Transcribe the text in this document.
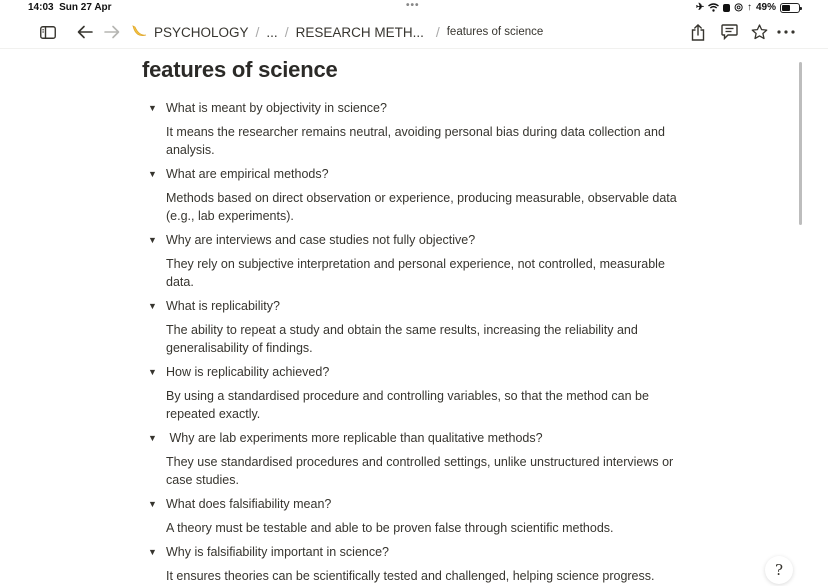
14:03 Sun 27 Apr	•••	✈	◎ ↑ 49%
PSYCHOLOGY / ... / RESEARCH METH... / features of science
features of science
▼ What is meant by objectivity in science?
It means the researcher remains neutral, avoiding personal bias during data collection and analysis.
▼ What are empirical methods?
Methods based on direct observation or experience, producing measurable, observable data (e.g., lab experiments).
▼ Why are interviews and case studies not fully objective?
They rely on subjective interpretation and personal experience, not controlled, measurable data.
▼ What is replicability?
The ability to repeat a study and obtain the same results, increasing the reliability and generalisability of findings.
▼ How is replicability achieved?
By using a standardised procedure and controlling variables, so that the method can be repeated exactly.
▼ Why are lab experiments more replicable than qualitative methods?
They use standardised procedures and controlled settings, unlike unstructured interviews or case studies.
▼ What does falsifiability mean?
A theory must be testable and able to be proven false through scientific methods.
▼ Why is falsifiability important in science?
It ensures theories can be scientifically tested and challenged, helping science progress.	?
